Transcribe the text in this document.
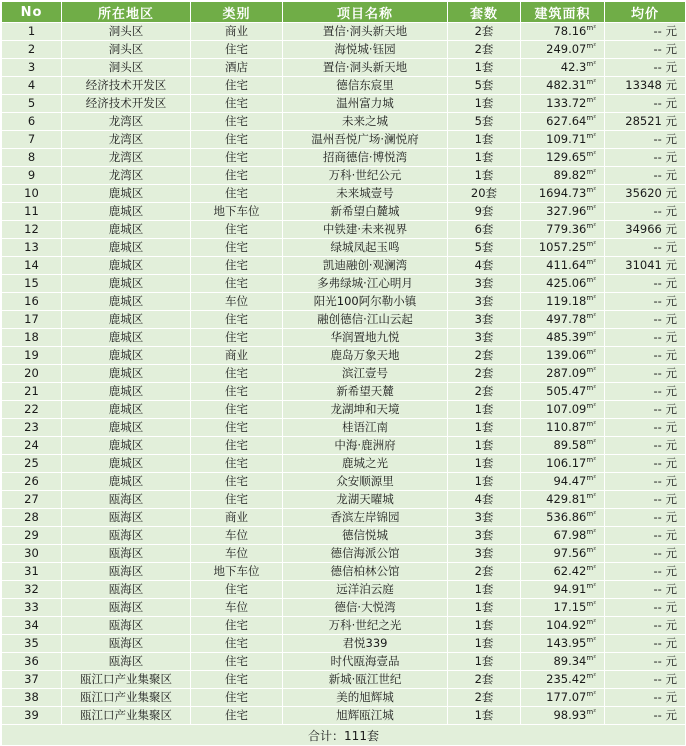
No	所在地区	类别	项目名称	套数	建筑面积	均价
1	洞头区	商业	置信·洞头新天地	2套	$78.16^{m^2}$	-- 元
2	洞头区	住宅	海悦城·钰园	2套	$249.07^{m^2}$	-- 元
3	洞头区	酒店	置信·洞头新天地	1套	$42.3^{m^2}$	-- 元
4	经济技术开发区	住宅	德信东宸里	5套	$482.31^{m^2}$	13348 元
5	经济技术开发区	住宅	温州富力城	1套	$133.72^{m^2}$	-- 元
6	龙湾区	住宅	未来之城	5套	$627.64^{m^2}$	28521 元
7	龙湾区	住宅	温州吾悦广场·澜悦府	1套	$109.71^{m^2}$	-- 元
8	龙湾区	住宅	招商德信·博悦湾	1套	$129.65^{m^2}$	-- 元
9	龙湾区	住宅	万科·世纪公元	1套	$89.82^{m^2}$	-- 元
10	鹿城区	住宅	未来城壹号	20套	$1694.73^{m^2}$	35620 元
11	鹿城区	地下车位	新希望白麓城	9套	$327.96^{m^2}$	-- 元
12	鹿城区	住宅	中铁建·未来视界	6套	$779.36^{m^2}$	34966 元
13	鹿城区	住宅	绿城凤起玉鸣	5套	$1057.25^{m^2}$	-- 元
14	鹿城区	住宅	凯迪融创·观澜湾	4套	$411.64^{m^2}$	31041 元
15	鹿城区	住宅	多弗绿城·江心明月	3套	$425.06^{m^2}$	-- 元
16	鹿城区	车位	阳光100阿尔勒小镇	3套	$119.18^{m^2}$	-- 元
17	鹿城区	住宅	融创德信·江山云起	3套	$497.78^{m^2}$	-- 元
18	鹿城区	住宅	华润置地九悦	3套	$485.39^{m^2}$	-- 元
19	鹿城区	商业	鹿岛万象天地	2套	$139.06^{m^2}$	-- 元
20	鹿城区	住宅	滨江壹号	2套	$287.09^{m^2}$	-- 元
21	鹿城区	住宅	新希望天麓	2套	$505.47^{m^2}$	-- 元
22	鹿城区	住宅	龙湖坤和天境	1套	$107.09^{m^2}$	-- 元
23	鹿城区	住宅	桂语江南	1套	$110.87^{m^2}$	-- 元
24	鹿城区	住宅	中海·鹿洲府	1套	$89.58^{m^2}$	-- 元
25	鹿城区	住宅	鹿城之光	1套	$106.17^{m^2}$	-- 元
26	鹿城区	住宅	众安顺源里	1套	$94.47^{m^2}$	-- 元
27	瓯海区	住宅	龙湖天曜城	4套	$429.81^{m^2}$	-- 元
28	瓯海区	商业	香滨左岸锦园	3套	$536.86^{m^2}$	-- 元
29	瓯海区	车位	德信悦城	3套	$67.98^{m^2}$	-- 元
30	瓯海区	车位	德信海派公馆	3套	$97.56^{m^2}$	-- 元
31	瓯海区	地下车位	德信柏林公馆	2套	$62.42^{m^2}$	-- 元
32	瓯海区	住宅	远洋泊云庭	1套	$94.91^{m^2}$	-- 元
33	瓯海区	车位	德信·大悦湾	1套	$17.15^{m^2}$	-- 元
34	瓯海区	住宅	万科·世纪之光	1套	$104.92^{m^2}$	-- 元
35	瓯海区	住宅	君悦339	1套	$143.95^{m^2}$	-- 元
36	瓯海区	住宅	时代瓯海壹品	1套	$89.34^{m^2}$	-- 元
37	瓯江口产业集聚区	住宅	新城·瓯江世纪	2套	$235.42^{m^2}$	-- 元
38	瓯江口产业集聚区	住宅	美的旭辉城	2套	$177.07^{m^2}$	-- 元
39	瓯江口产业集聚区	住宅	旭辉瓯江城	1套	$98.93^{m^2}$	-- 元
合计：111套						
